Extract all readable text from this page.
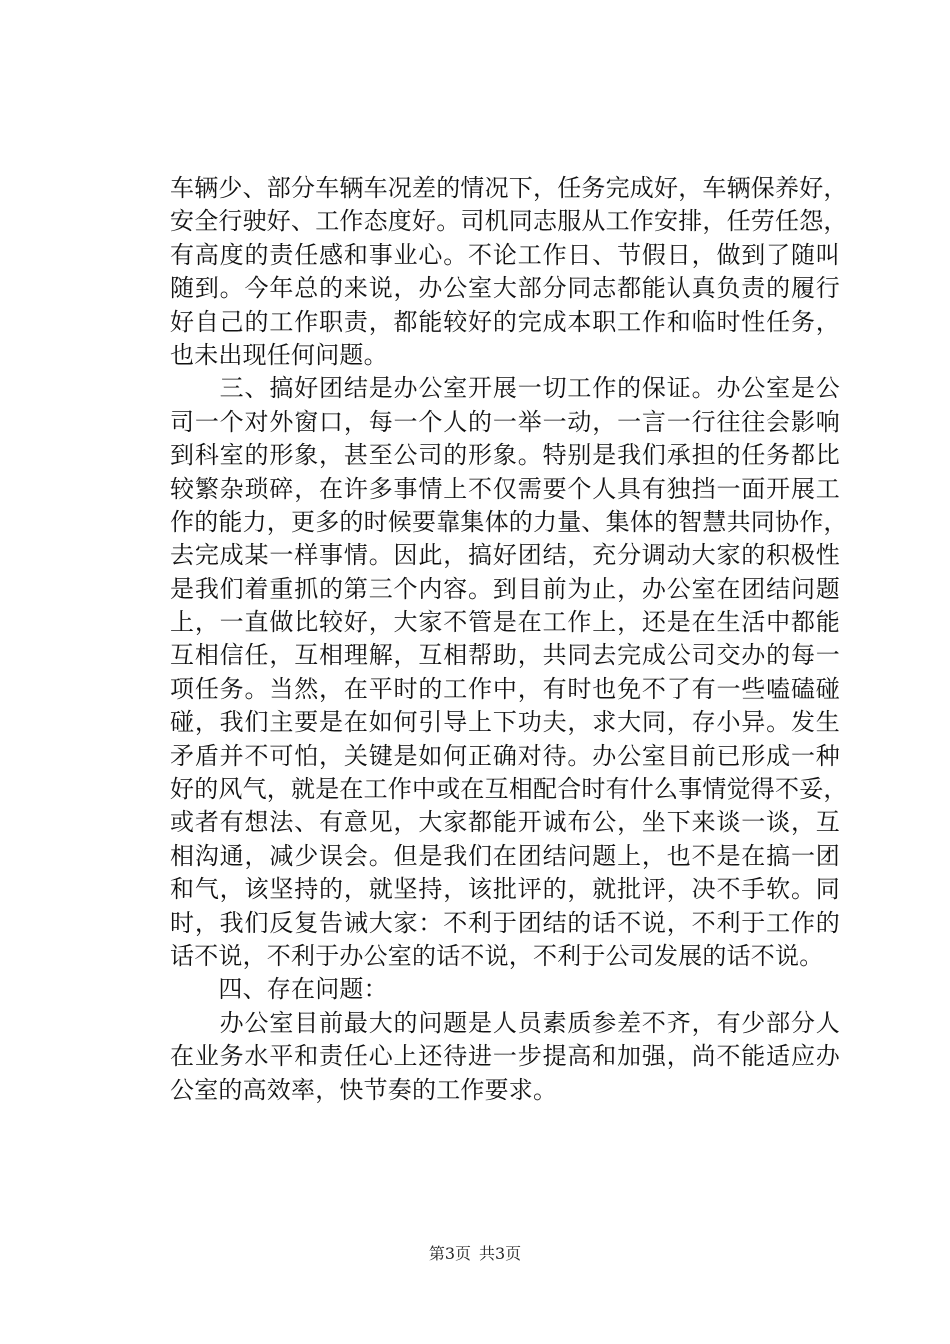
车辆少、部分车辆车况差的情况下，任务完成好，车辆保养好，
安全行驶好、工作态度好。司机同志服从工作安排，任劳任怨，
有高度的责任感和事业心。不论工作日、节假日，做到了随叫
随到。今年总的来说，办公室大部分同志都能认真负责的履行
好自己的工作职责，都能较好的完成本职工作和临时性任务，
也未出现任何问题。
　　三、搞好团结是办公室开展一切工作的保证。办公室是公
司一个对外窗口，每一个人的一举一动，一言一行往往会影响
到科室的形象，甚至公司的形象。特别是我们承担的任务都比
较繁杂琐碎，在许多事情上不仅需要个人具有独挡一面开展工
作的能力，更多的时候要靠集体的力量、集体的智慧共同协作，
去完成某一样事情。因此，搞好团结，充分调动大家的积极性
是我们着重抓的第三个内容。到目前为止，办公室在团结问题
上，一直做比较好，大家不管是在工作上，还是在生活中都能
互相信任，互相理解，互相帮助，共同去完成公司交办的每一
项任务。当然，在平时的工作中，有时也免不了有一些嗑磕碰
碰，我们主要是在如何引导上下功夫，求大同，存小异。发生
矛盾并不可怕，关键是如何正确对待。办公室目前已形成一种
好的风气，就是在工作中或在互相配合时有什么事情觉得不妥，
或者有想法、有意见，大家都能开诚布公，坐下来谈一谈，互
相沟通，减少误会。但是我们在团结问题上，也不是在搞一团
和气，该坚持的，就坚持，该批评的，就批评，决不手软。同
时，我们反复告诫大家：不利于团结的话不说，不利于工作的
话不说，不利于办公室的话不说，不利于公司发展的话不说。
　　四、存在问题：
　　办公室目前最大的问题是人员素质参差不齐，有少部分人
在业务水平和责任心上还待进一步提高和加强，尚不能适应办
公室的高效率，快节奏的工作要求。
第3页 共3页
